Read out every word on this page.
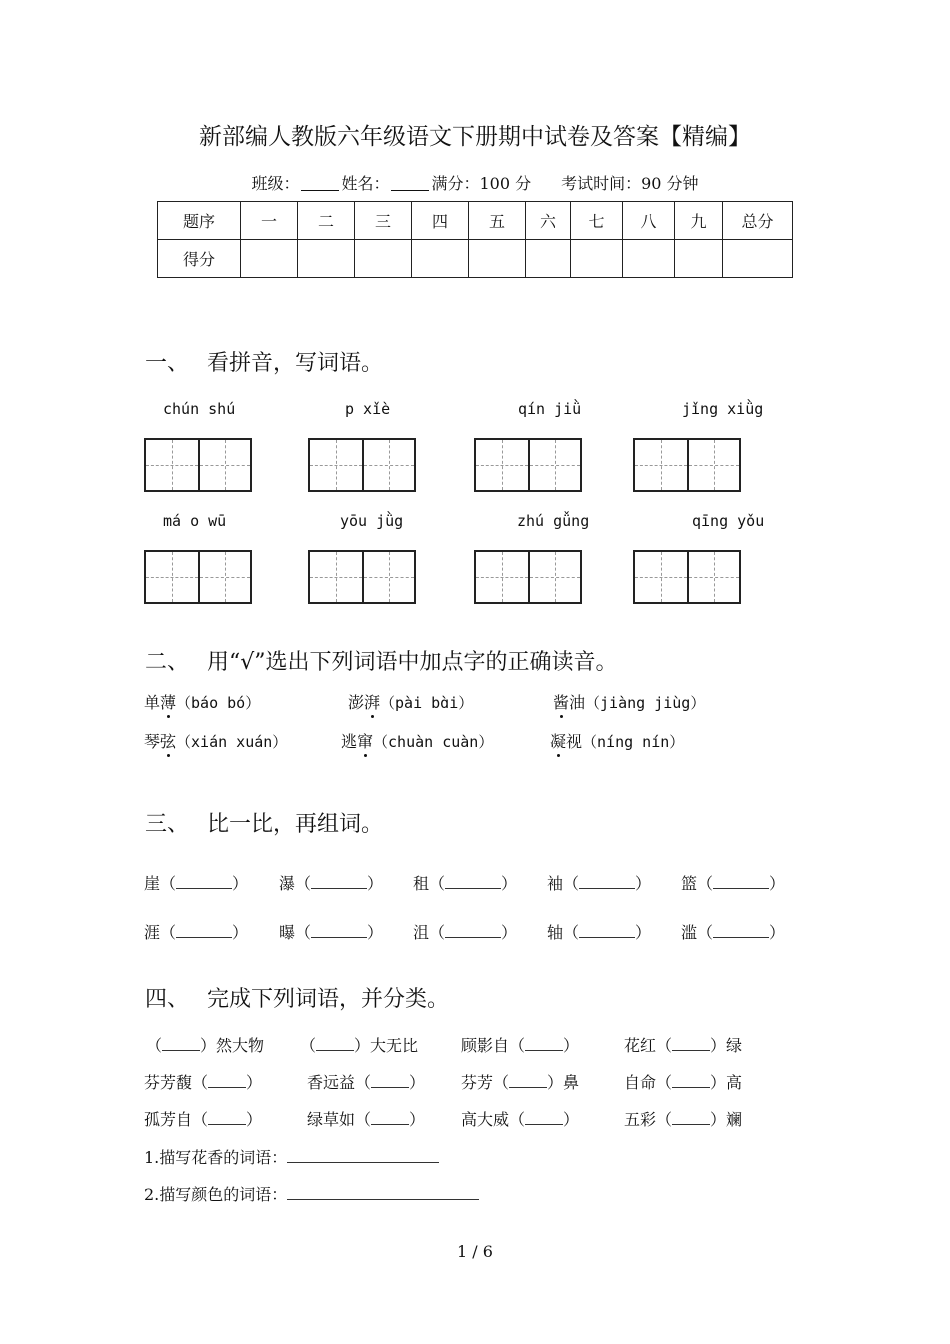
新部编人教版六年级语文下册期中试卷及答案【精编】
班级：	姓名：	满分：100 分 考试时间：90 分钟
题序	一	二	三	四	五	六	七	八	九	总分
得分										
一、 看拼音，写词语。
chún shú	p xǐè	qín jiǜ	jǐng xiǜg
má o wū	yōu jǜg	zhú gǚng	qīng yǒu
二、 用“√”选出下列词语中加点字的正确读音。
单薄（báo bó）	澎湃（pài bɑ̀i）	酱油（jiàng jiùg）
琴弦（xián xuán）	逃窜（chuàn cuàn）	凝视（níng nín）
三、 比一比，再组词。
崖（	） 瀑（	） 租（	） 袖（	） 篮（	）
涯（	） 曝（	） 沮（	） 轴（	） 滥（	）
四、 完成下列词语，并分类。
（ ）然大物 （ ）大无比	顾影自（ ）	花红（ ）绿
芬芳馥（ ）	香远益（ ） 芬芳（ ）鼻	自命（ ）高
孤芳自（ ）	绿草如（ ） 高大威（ ）	五彩（ ）斓
1.描写花香的词语：
2.描写颜色的词语：
1 / 6
